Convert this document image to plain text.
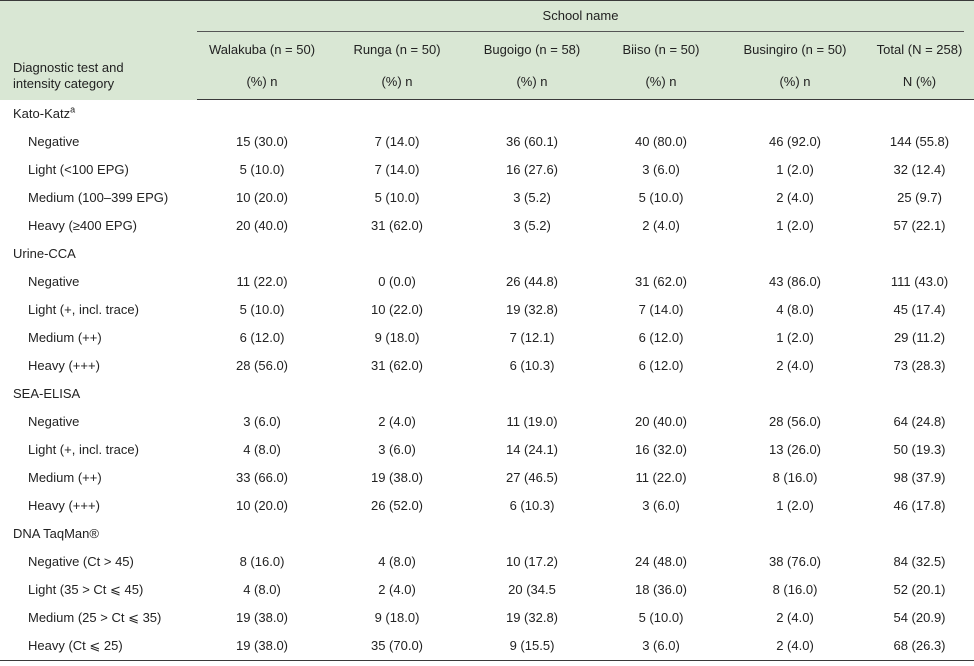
Diagnostic test and intensity category	School name					

	Walakuba (n = 50)	Runga (n = 50)	Bugoigo (n = 58)	Biiso (n = 50)	Busingiro (n = 50)	Total (N = 258)
	(%) n	(%) n	(%) n	(%) n	(%) n	N (%)
Kato-Katz$^a$
Negative	15 (30.0)	7 (14.0)	36 (60.1)	40 (80.0)	46 (92.0)	144 (55.8)
Light (<100 EPG)	5 (10.0)	7 (14.0)	16 (27.6)	3 (6.0)	1 (2.0)	32 (12.4)
Medium (100–399 EPG)	10 (20.0)	5 (10.0)	3 (5.2)	5 (10.0)	2 (4.0)	25 (9.7)
Heavy (≥400 EPG)	20 (40.0)	31 (62.0)	3 (5.2)	2 (4.0)	1 (2.0)	57 (22.1)
Urine-CCA						
Negative	11 (22.0)	0 (0.0)	26 (44.8)	31 (62.0)	43 (86.0)	111 (43.0)
Light (+, incl. trace)	5 (10.0)	10 (22.0)	19 (32.8)	7 (14.0)	4 (8.0)	45 (17.4)
Medium (++)	6 (12.0)	9 (18.0)	7 (12.1)	6 (12.0)	1 (2.0)	29 (11.2)
Heavy (+++)	28 (56.0)	31 (62.0)	6 (10.3)	6 (12.0)	2 (4.0)	73 (28.3)
SEA-ELISA						
Negative	3 (6.0)	2 (4.0)	11 (19.0)	20 (40.0)	28 (56.0)	64 (24.8)
Light (+, incl. trace)	4 (8.0)	3 (6.0)	14 (24.1)	16 (32.0)	13 (26.0)	50 (19.3)
Medium (++)	33 (66.0)	19 (38.0)	27 (46.5)	11 (22.0)	8 (16.0)	98 (37.9)
Heavy (+++)	10 (20.0)	26 (52.0)	6 (10.3)	3 (6.0)	1 (2.0)	46 (17.8)
DNA TaqMan®						
Negative (Ct > 45)	8 (16.0)	4 (8.0)	10 (17.2)	24 (48.0)	38 (76.0)	84 (32.5)
Light (35 > Ct ⩽ 45)	4 (8.0)	2 (4.0)	20 (34.5	18 (36.0)	8 (16.0)	52 (20.1)
Medium (25 > Ct ⩽ 35)	19 (38.0)	9 (18.0)	19 (32.8)	5 (10.0)	2 (4.0)	54 (20.9)
Heavy (Ct ⩽ 25)	19 (38.0)	35 (70.0)	9 (15.5)	3 (6.0)	2 (4.0)	68 (26.3)
